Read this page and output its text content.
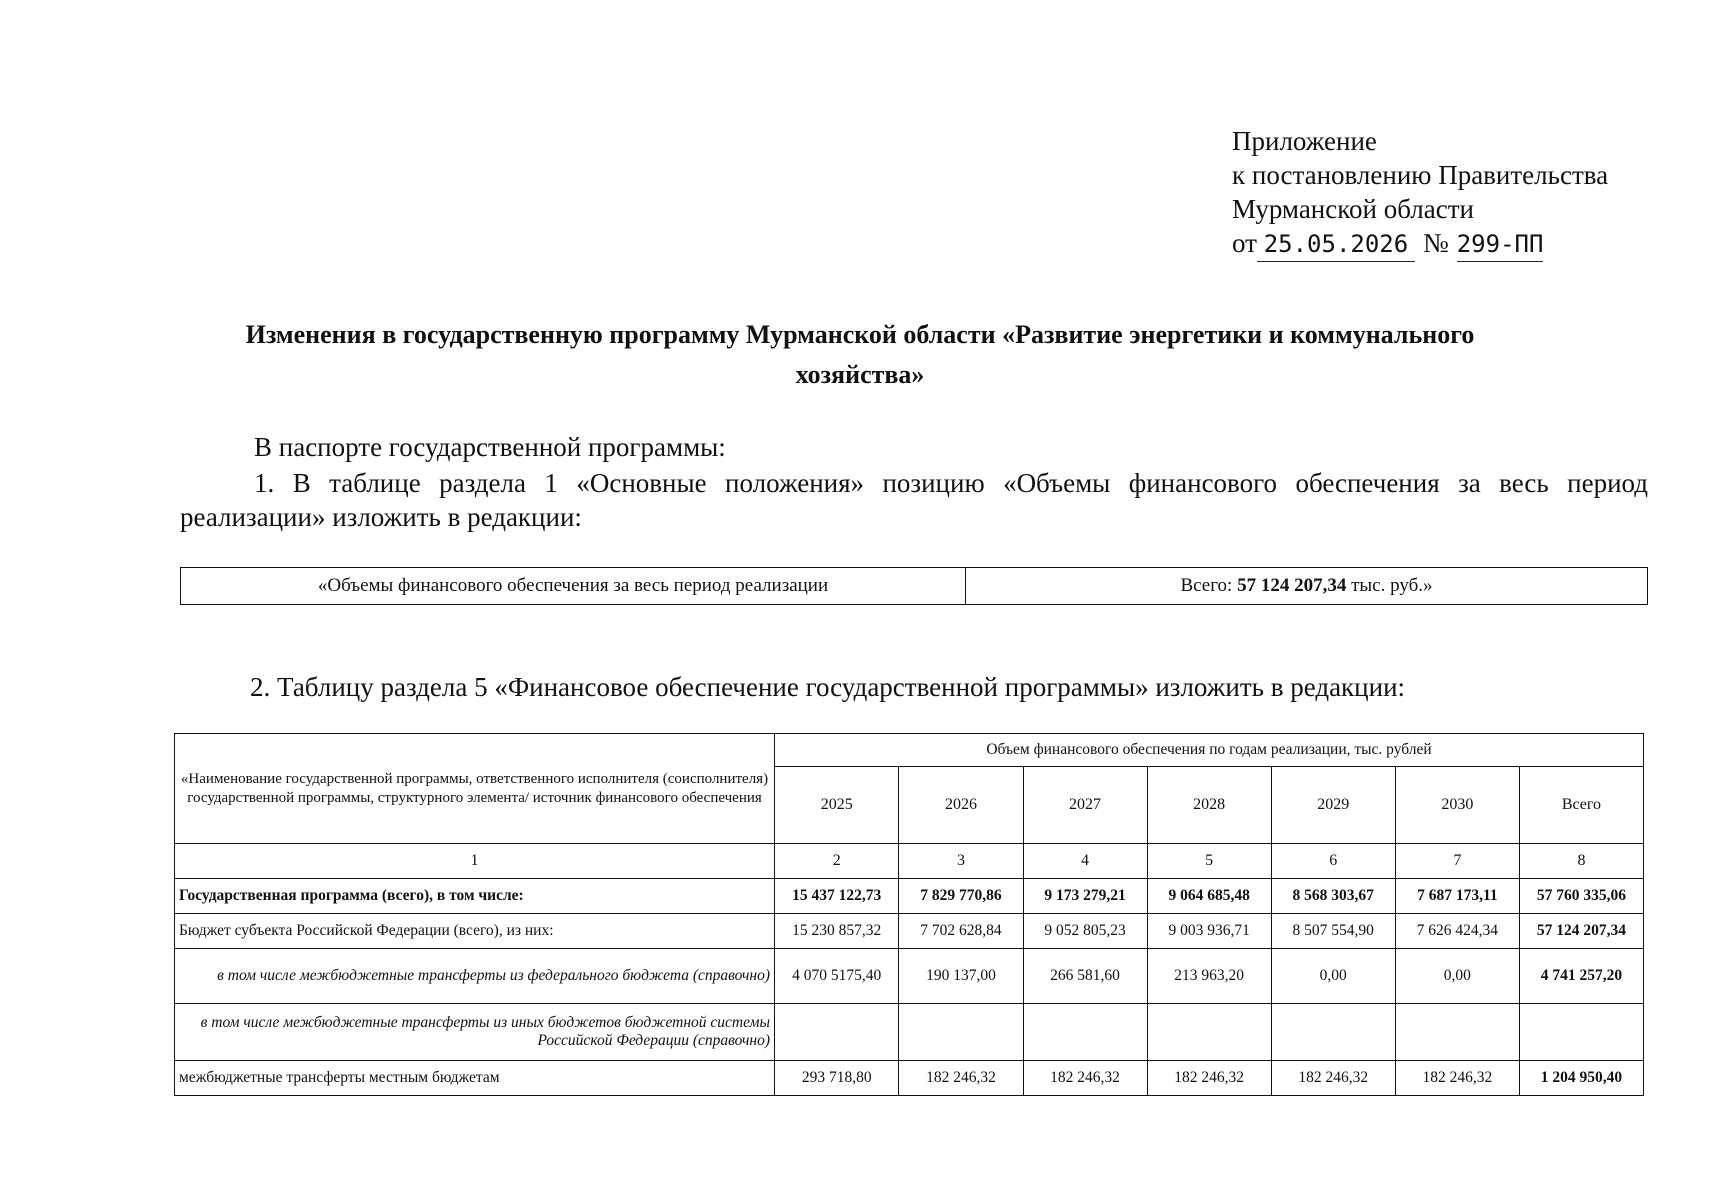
Приложение
к постановлению Правительства
Мурманской области
от 25.05.2026 № 299-ПП
Изменения в государственную программу Мурманской области «Развитие энергетики и коммунального хозяйства»
В паспорте государственной программы:
1. В таблице раздела 1 «Основные положения» позицию «Объемы финансового обеспечения за весь период реализации» изложить в редакции:
«Объемы финансового обеспечения за весь период реализации	Всего: 57 124 207,34 тыс. руб.»
2. Таблицу раздела 5 «Финансовое обеспечение государственной программы» изложить в редакции:
«Наименование государственной программы, ответственного исполнителя (соисполнителя) государственной программы, структурного элемента/ источник финансового обеспечения	Объем финансового обеспечения по годам реализации, тыс. рублей						
	2025	2026	2027	2028	2029	2030	Всего
1	2	3	4	5	6	7	8
Государственная программа (всего), в том числе:	15 437 122,73	7 829 770,86	9 173 279,21	9 064 685,48	8 568 303,67	7 687 173,11	57 760 335,06
Бюджет субъекта Российской Федерации (всего), из них:	15 230 857,32	7 702 628,84	9 052 805,23	9 003 936,71	8 507 554,90	7 626 424,34	57 124 207,34
в том числе межбюджетные трансферты из федерального бюджета (справочно)	4 070 5175,40	190 137,00	266 581,60	213 963,20	0,00	0,00	4 741 257,20
в том числе межбюджетные трансферты из иных бюджетов бюджетной системы Российской Федерации (справочно)							
межбюджетные трансферты местным бюджетам	293 718,80	182 246,32	182 246,32	182 246,32	182 246,32	182 246,32	1 204 950,40
